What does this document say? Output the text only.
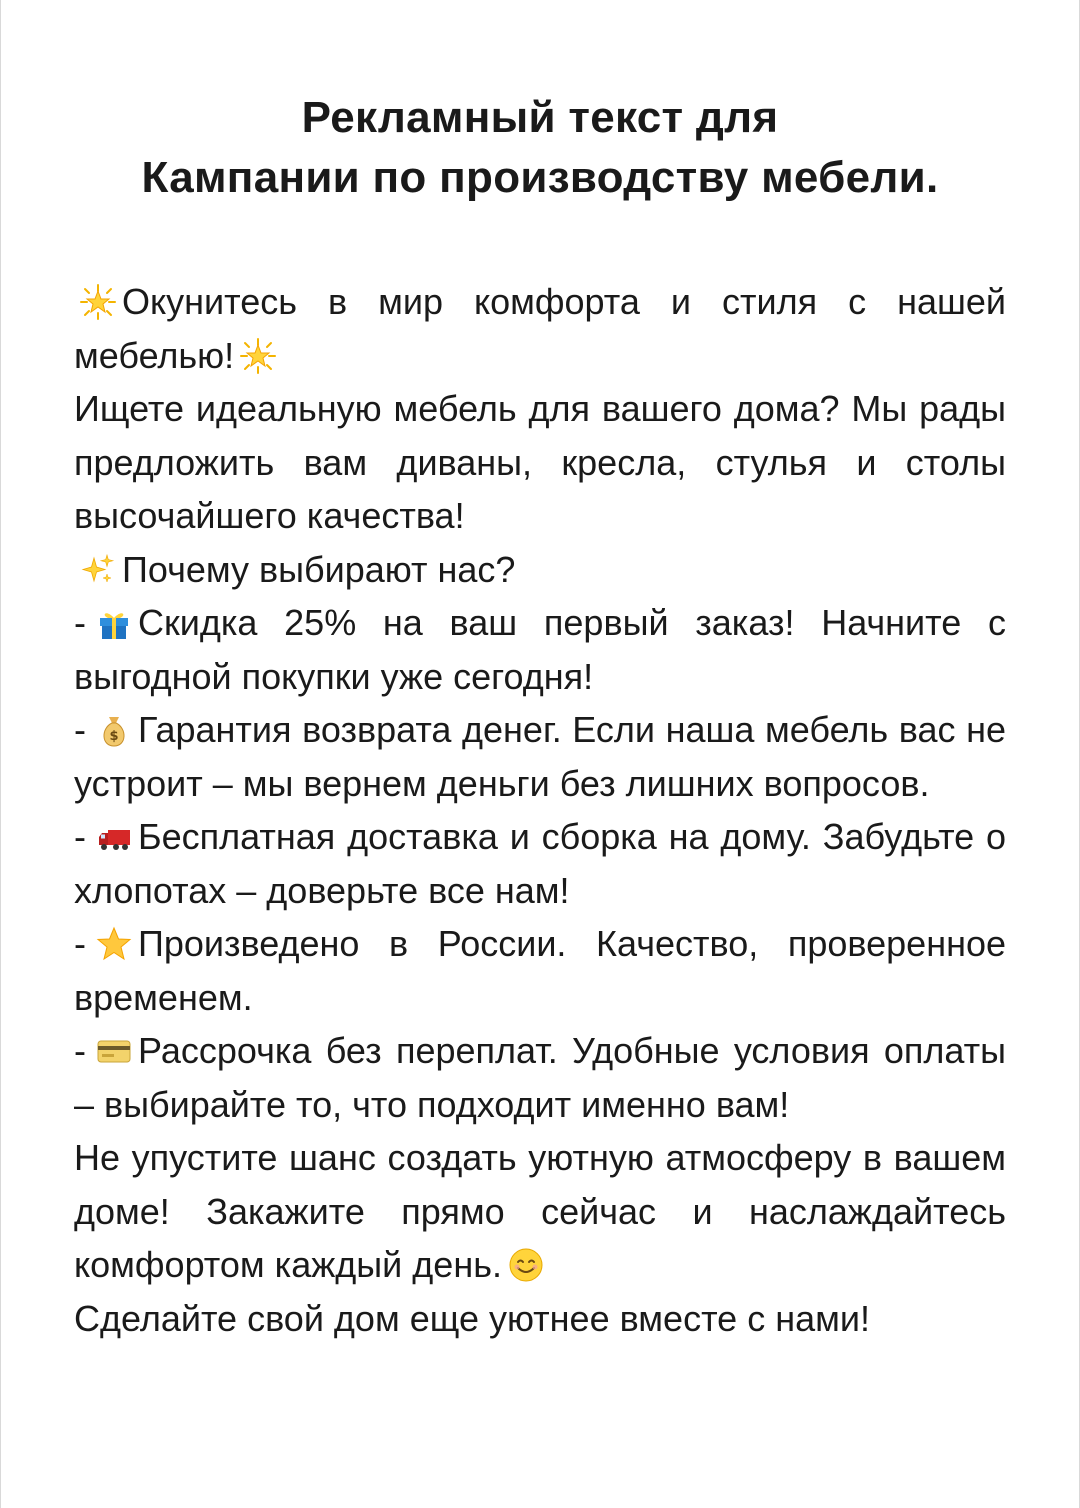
Рекламный текст для
Кампании по производству мебели.

Окунитесь в мир комфорта и стиля с нашей мебелью!

Ищете идеальную мебель для вашего дома? Мы рады предложить вам диваны, кресла, стулья и столы высочайшего качества!

Почему выбирают нас?

- Скидка 25% на ваш первый заказ! Начните с выгодной покупки уже сегодня!

- $ Гарантия возврата денег. Если наша мебель вас не устроит – мы вернем деньги без лишних вопросов.

- Бесплатная доставка и сборка на дому. Забудьте о хлопотах – доверьте все нам!

- Произведено в России. Качество, проверенное временем.

- Рассрочка без переплат. Удобные условия оплаты – выбирайте то, что подходит именно вам!

Не упустите шанс создать уютную атмосферу в вашем доме! Закажите прямо сейчас и наслаждайтесь комфортом каждый день.

Сделайте свой дом еще уютнее вместе с нами!
